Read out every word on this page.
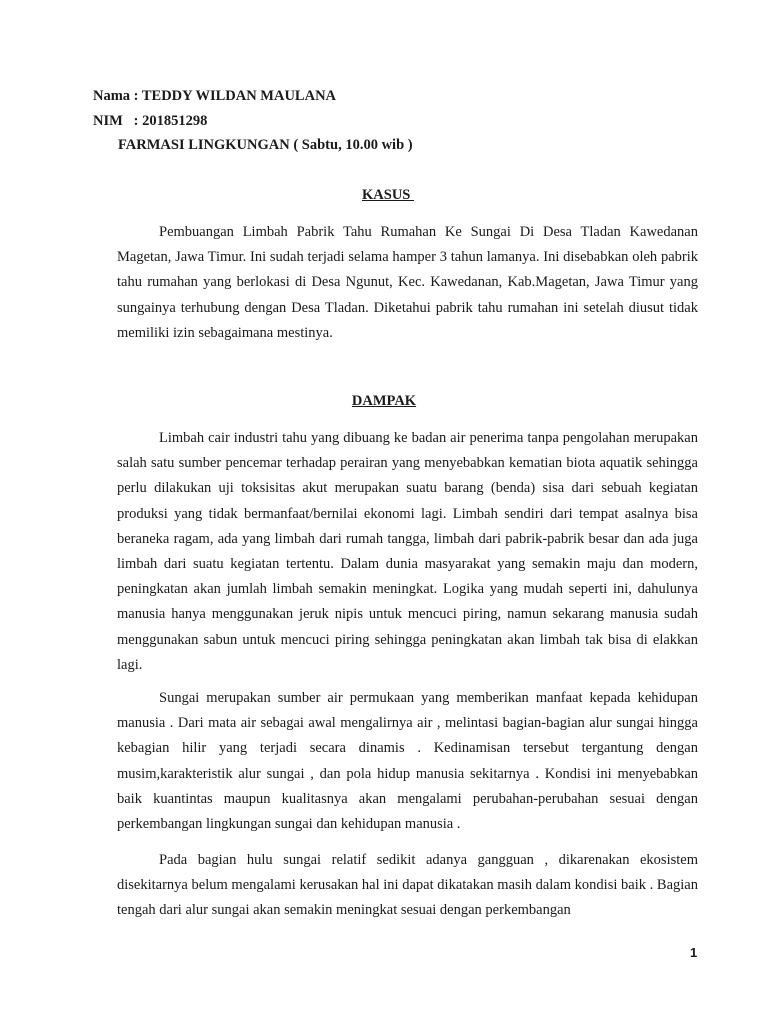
Nama : TEDDY WILDAN MAULANA
NIM   : 201851298
FARMASI LINGKUNGAN ( Sabtu, 10.00 wib )
KASUS

Pembuangan Limbah Pabrik Tahu Rumahan Ke Sungai Di Desa Tladan Kawedanan Magetan, Jawa Timur. Ini sudah terjadi selama hamper 3 tahun lamanya. Ini disebabkan oleh pabrik tahu rumahan yang berlokasi di Desa Ngunut, Kec. Kawedanan, Kab.Magetan, Jawa Timur yang sungainya terhubung dengan Desa Tladan. Diketahui pabrik tahu rumahan ini setelah diusut tidak memiliki izin sebagaimana mestinya.

DAMPAK

Limbah cair industri tahu yang dibuang ke badan air penerima tanpa pengolahan merupakan salah satu sumber pencemar terhadap perairan yang menyebabkan kematian biota aquatik sehingga perlu dilakukan uji toksisitas akut merupakan suatu barang (benda) sisa dari sebuah kegiatan produksi yang tidak bermanfaat/bernilai ekonomi lagi. Limbah sendiri dari tempat asalnya bisa beraneka ragam, ada yang limbah dari rumah tangga, limbah dari pabrik-pabrik besar dan ada juga limbah dari suatu kegiatan tertentu. Dalam dunia masyarakat yang semakin maju dan modern, peningkatan akan jumlah limbah semakin meningkat. Logika yang mudah seperti ini, dahulunya manusia hanya menggunakan jeruk nipis untuk mencuci piring, namun sekarang manusia sudah menggunakan sabun untuk mencuci piring sehingga peningkatan akan limbah tak bisa di elakkan lagi.

Sungai merupakan sumber air permukaan yang memberikan manfaat kepada kehidupan manusia . Dari mata air sebagai awal mengalirnya air , melintasi bagian-bagian alur sungai hingga kebagian hilir yang terjadi secara dinamis . Kedinamisan tersebut tergantung dengan musim,karakteristik alur sungai , dan pola hidup manusia sekitarnya . Kondisi ini menyebabkan baik kuantintas maupun kualitasnya akan mengalami perubahan-perubahan sesuai dengan perkembangan lingkungan sungai dan kehidupan manusia .

Pada bagian hulu sungai relatif sedikit adanya gangguan , dikarenakan ekosistem disekitarnya belum mengalami kerusakan hal ini dapat dikatakan masih dalam kondisi baik . Bagian tengah dari alur sungai akan semakin meningkat sesuai dengan perkembangan

1
